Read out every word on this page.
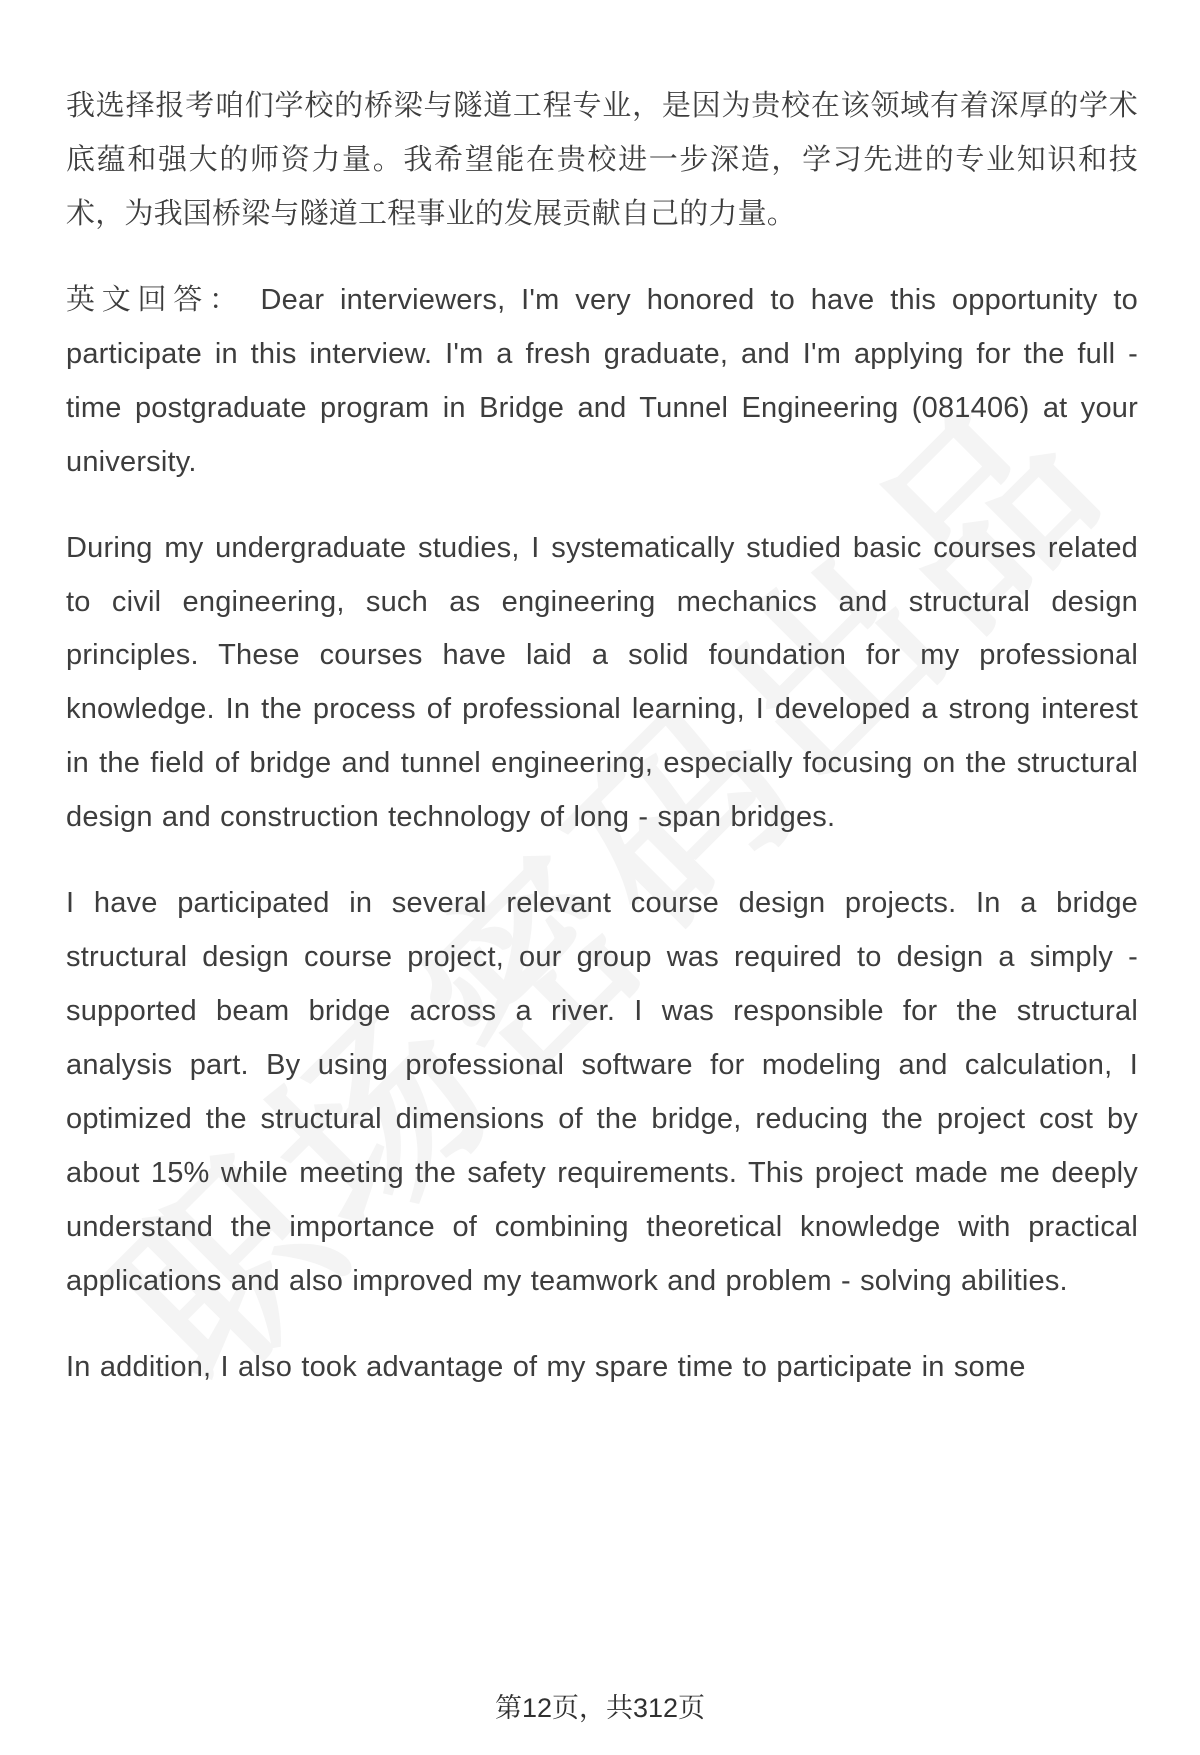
我选择报考咱们学校的桥梁与隧道工程专业，是因为贵校在该领域有着深厚的学术底蕴和强大的师资力量。我希望能在贵校进一步深造，学习先进的专业知识和技术，为我国桥梁与隧道工程事业的发展贡献自己的力量。

英文回答： Dear interviewers, I'm very honored to have this opportunity to participate in this interview. I'm a fresh graduate, and I'm applying for the full - time postgraduate program in Bridge and Tunnel Engineering (081406) at your university.

During my undergraduate studies, I systematically studied basic courses related to civil engineering, such as engineering mechanics and structural design principles. These courses have laid a solid foundation for my professional knowledge. In the process of professional learning, I developed a strong interest in the field of bridge and tunnel engineering, especially focusing on the structural design and construction technology of long - span bridges.

I have participated in several relevant course design projects. In a bridge structural design course project, our group was required to design a simply - supported beam bridge across a river. I was responsible for the structural analysis part. By using professional software for modeling and calculation, I optimized the structural dimensions of the bridge, reducing the project cost by about 15% while meeting the safety requirements. This project made me deeply understand the importance of combining theoretical knowledge with practical applications and also improved my teamwork and problem - solving abilities.

In addition, I also took advantage of my spare time to participate in some

第12页，共312页
